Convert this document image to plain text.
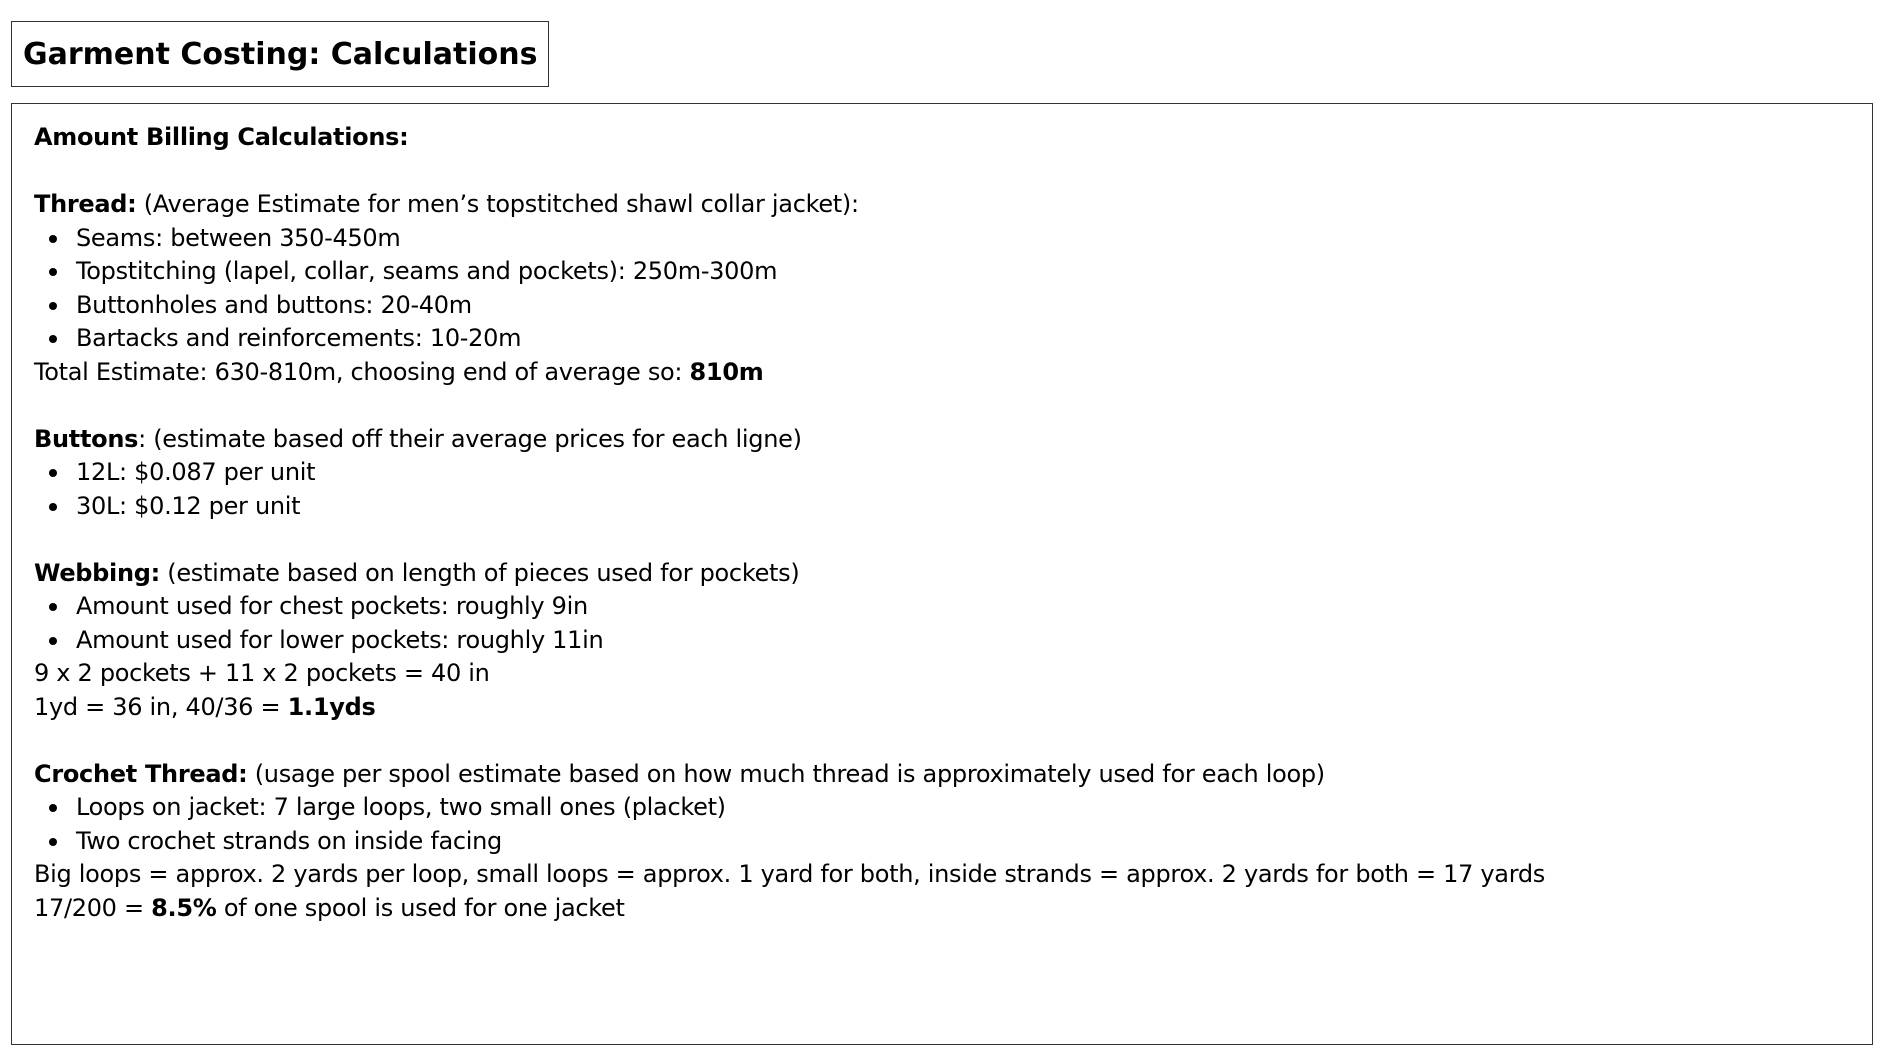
Garment Costing: Calculations
Amount Billing Calculations:
Thread: (Average Estimate for men’s topstitched shawl collar jacket):
Seams: between 350-450m
Topstitching (lapel, collar, seams and pockets): 250m-300m
Buttonholes and buttons: 20-40m
Bartacks and reinforcements: 10-20m
Total Estimate: 630-810m, choosing end of average so: 810m
Buttons: (estimate based off their average prices for each ligne)
12L: $0.087 per unit
30L: $0.12 per unit
Webbing: (estimate based on length of pieces used for pockets)
Amount used for chest pockets: roughly 9in
Amount used for lower pockets: roughly 11in
9 x 2 pockets + 11 x 2 pockets = 40 in
1yd = 36 in, 40/36 = 1.1yds
Crochet Thread: (usage per spool estimate based on how much thread is approximately used for each loop)
Loops on jacket: 7 large loops, two small ones (placket)
Two crochet strands on inside facing
Big loops = approx. 2 yards per loop, small loops = approx. 1 yard for both, inside strands = approx. 2 yards for both = 17 yards
17/200 = 8.5% of one spool is used for one jacket
